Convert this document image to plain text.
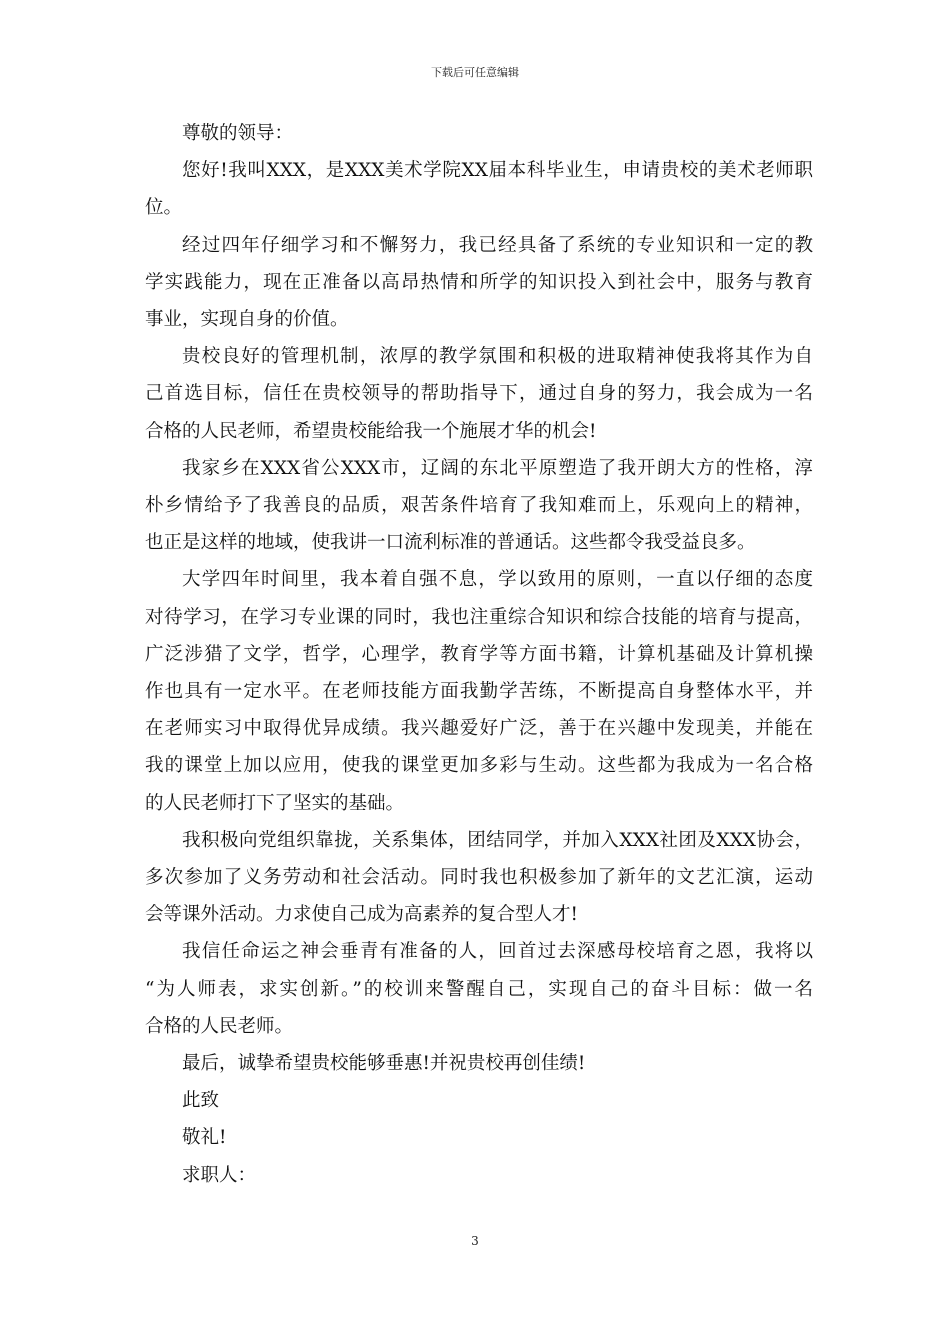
下载后可任意编辑

尊敬的领导：

您好!我叫XXX，是XXX美术学院XX届本科毕业生，申请贵校的美术老师职
位。

经过四年仔细学习和不懈努力，我已经具备了系统的专业知识和一定的教
学实践能力，现在正准备以高昂热情和所学的知识投入到社会中，服务与教育
事业，实现自身的价值。

贵校良好的管理机制，浓厚的教学氛围和积极的进取精神使我将其作为自
己首选目标，信任在贵校领导的帮助指导下，通过自身的努力，我会成为一名
合格的人民老师，希望贵校能给我一个施展才华的机会!

我家乡在XXX省公XXX市，辽阔的东北平原塑造了我开朗大方的性格，淳
朴乡情给予了我善良的品质，艰苦条件培育了我知难而上，乐观向上的精神，
也正是这样的地域，使我讲一口流利标准的普通话。这些都令我受益良多。

大学四年时间里，我本着自强不息，学以致用的原则，一直以仔细的态度
对待学习，在学习专业课的同时，我也注重综合知识和综合技能的培育与提高，
广泛涉猎了文学，哲学，心理学，教育学等方面书籍，计算机基础及计算机操
作也具有一定水平。在老师技能方面我勤学苦练，不断提高自身整体水平，并
在老师实习中取得优异成绩。我兴趣爱好广泛，善于在兴趣中发现美，并能在
我的课堂上加以应用，使我的课堂更加多彩与生动。这些都为我成为一名合格
的人民老师打下了坚实的基础。

我积极向党组织靠拢，关系集体，团结同学，并加入XXX社团及XXX协会，
多次参加了义务劳动和社会活动。同时我也积极参加了新年的文艺汇演，运动
会等课外活动。力求使自己成为高素养的复合型人才!

我信任命运之神会垂青有准备的人，回首过去深感母校培育之恩，我将以
“为人师表，求实创新。”的校训来警醒自己，实现自己的奋斗目标：做一名
合格的人民老师。

最后，诚挚希望贵校能够垂惠!并祝贵校再创佳绩!

此致

敬礼!

求职人：

3
